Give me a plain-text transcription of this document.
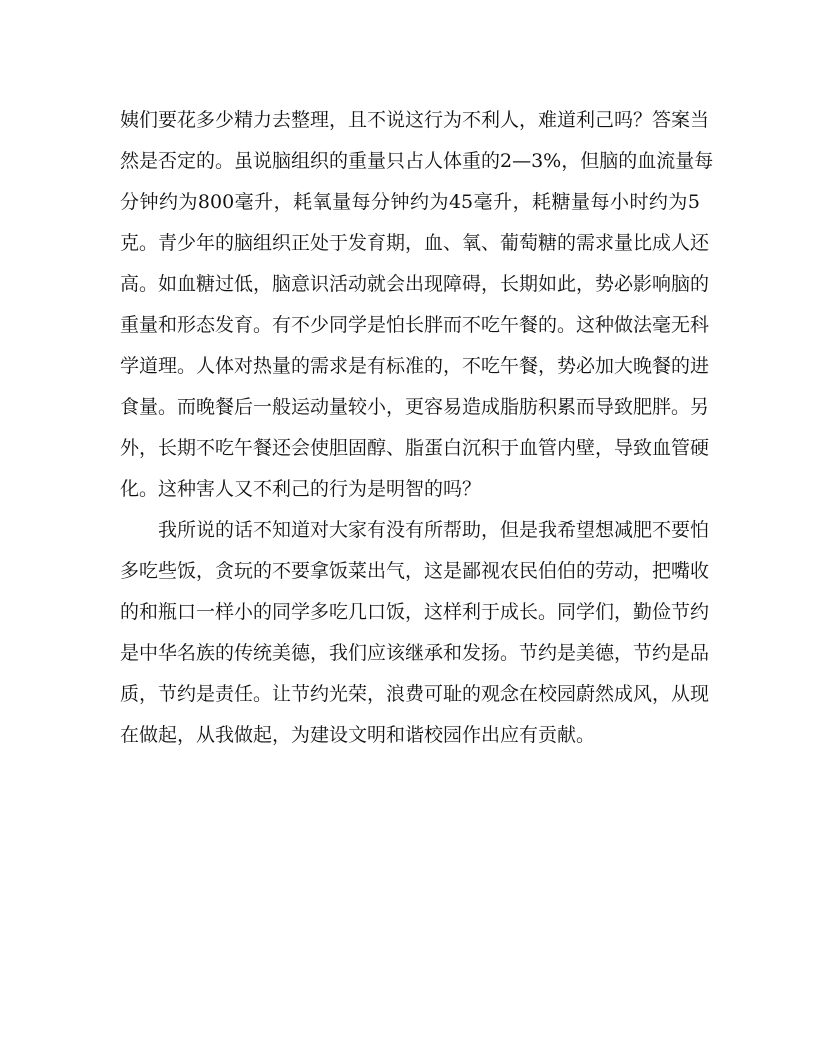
姨们要花多少精力去整理，且不说这行为不利人，难道利己吗？答案当
然是否定的。虽说脑组织的重量只占人体重的2—3%，但脑的血流量每
分钟约为800毫升，耗氧量每分钟约为45毫升，耗糖量每小时约为5
克。青少年的脑组织正处于发育期，血、氧、葡萄糖的需求量比成人还
高。如血糖过低，脑意识活动就会出现障碍，长期如此，势必影响脑的
重量和形态发育。有不少同学是怕长胖而不吃午餐的。这种做法毫无科
学道理。人体对热量的需求是有标准的，不吃午餐，势必加大晚餐的进
食量。而晚餐后一般运动量较小，更容易造成脂肪积累而导致肥胖。另
外，长期不吃午餐还会使胆固醇、脂蛋白沉积于血管内壁，导致血管硬
化。这种害人又不利己的行为是明智的吗？
我所说的话不知道对大家有没有所帮助，但是我希望想减肥不要怕
多吃些饭，贪玩的不要拿饭菜出气，这是鄙视农民伯伯的劳动，把嘴收
的和瓶口一样小的同学多吃几口饭，这样利于成长。同学们，勤俭节约
是中华名族的传统美德，我们应该继承和发扬。节约是美德，节约是品
质，节约是责任。让节约光荣，浪费可耻的观念在校园蔚然成风，从现
在做起，从我做起，为建设文明和谐校园作出应有贡献。
